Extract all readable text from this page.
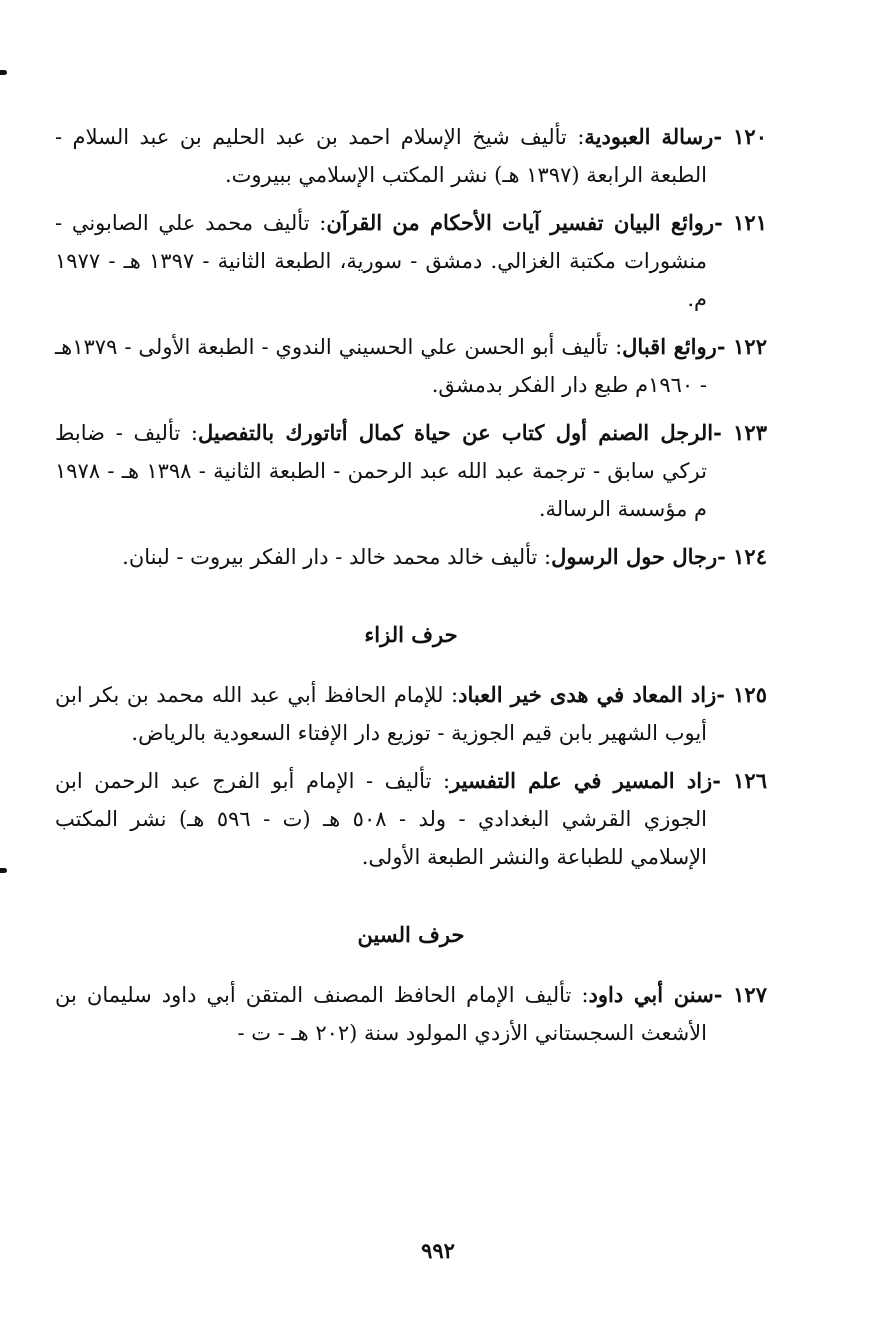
١٢٠ -رسالة العبودية: تأليف شيخ الإسلام احمد بن عبد الحليم بن عبد السلام - الطبعة الرابعة (١٣٩٧ هـ) نشر المكتب الإسلامي ببيروت.

١٢١ -روائع البيان تفسير آيات الأحكام من القرآن: تأليف محمد علي الصابوني - منشورات مكتبة الغزالي. دمشق - سورية، الطبعة الثانية - ١٣٩٧ هـ - ١٩٧٧ م.

١٢٢ -روائع اقبال: تأليف أبو الحسن علي الحسيني الندوي - الطبعة الأولى - ١٣٧٩هـ - ١٩٦٠م طبع دار الفكر بدمشق.

١٢٣ -الرجل الصنم أول كتاب عن حياة كمال أتاتورك بالتفصيل: تأليف - ضابط تركي سابق - ترجمة عبد الله عبد الرحمن - الطبعة الثانية - ١٣٩٨ هـ - ١٩٧٨ م مؤسسة الرسالة.

١٢٤ -رجال حول الرسول: تأليف خالد محمد خالد - دار الفكر بيروت - لبنان.

حرف الزاء

١٢٥ -زاد المعاد في هدى خير العباد: للإمام الحافظ أبي عبد الله محمد بن بكر ابن أيوب الشهير بابن قيم الجوزية - توزيع دار الإفتاء السعودية بالرياض.

١٢٦ -زاد المسير في علم التفسير: تأليف - الإمام أبو الفرج عبد الرحمن ابن الجوزي القرشي البغدادي - ولد - ٥٠٨ هـ (ت - ٥٩٦ هـ) نشر المكتب الإسلامي للطباعة والنشر الطبعة الأولى.

حرف السين

١٢٧ -سنن أبي داود: تأليف الإمام الحافظ المصنف المتقن أبي داود سليمان بن الأشعث السجستاني الأزدي المولود سنة (٢٠٢ هـ - ت -

٩٩٢
